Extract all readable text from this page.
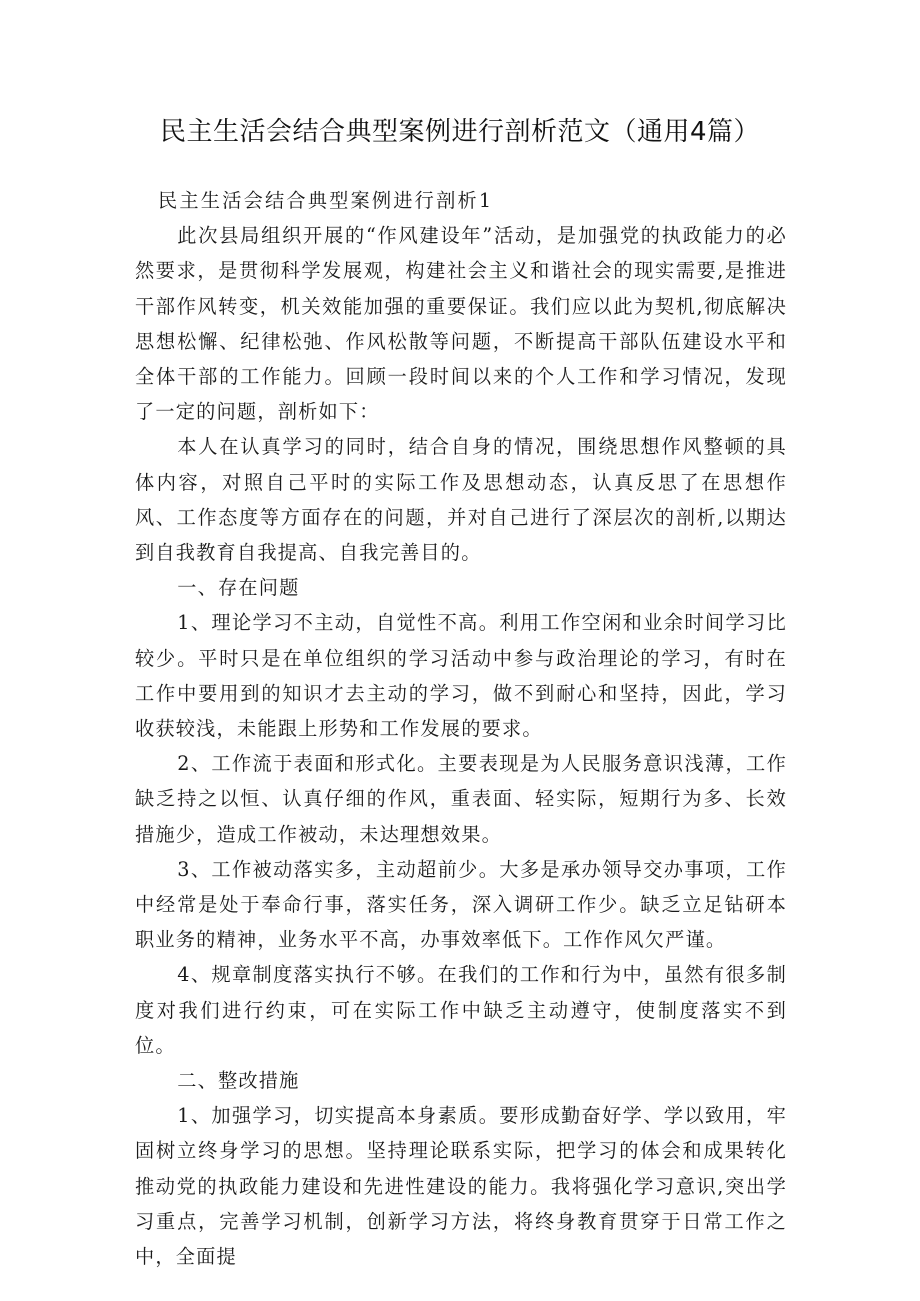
民主生活会结合典型案例进行剖析范文（通用4篇）

民主生活会结合典型案例进行剖析1

此次县局组织开展的“作风建设年”活动，是加强党的执政能力的必然要求，是贯彻科学发展观，构建社会主义和谐社会的现实需要,是推进干部作风转变，机关效能加强的重要保证。我们应以此为契机,彻底解决思想松懈、纪律松弛、作风松散等问题，不断提高干部队伍建设水平和全体干部的工作能力。回顾一段时间以来的个人工作和学习情况，发现了一定的问题，剖析如下：

本人在认真学习的同时，结合自身的情况，围绕思想作风整顿的具体内容，对照自己平时的实际工作及思想动态，认真反思了在思想作风、工作态度等方面存在的问题，并对自己进行了深层次的剖析,以期达到自我教育自我提高、自我完善目的。

一、存在问题

1、理论学习不主动，自觉性不高。利用工作空闲和业余时间学习比较少。平时只是在单位组织的学习活动中参与政治理论的学习，有时在工作中要用到的知识才去主动的学习，做不到耐心和坚持，因此，学习收获较浅，未能跟上形势和工作发展的要求。

2、工作流于表面和形式化。主要表现是为人民服务意识浅薄，工作缺乏持之以恒、认真仔细的作风，重表面、轻实际，短期行为多、长效措施少，造成工作被动，未达理想效果。

3、工作被动落实多，主动超前少。大多是承办领导交办事项，工作中经常是处于奉命行事，落实任务，深入调研工作少。缺乏立足钻研本职业务的精神，业务水平不高，办事效率低下。工作作风欠严谨。

4、规章制度落实执行不够。在我们的工作和行为中，虽然有很多制度对我们进行约束，可在实际工作中缺乏主动遵守，使制度落实不到位。

二、整改措施

1、加强学习，切实提高本身素质。要形成勤奋好学、学以致用，牢固树立终身学习的思想。坚持理论联系实际，把学习的体会和成果转化推动党的执政能力建设和先进性建设的能力。我将强化学习意识,突出学习重点，完善学习机制，创新学习方法，将终身教育贯穿于日常工作之中，全面提
